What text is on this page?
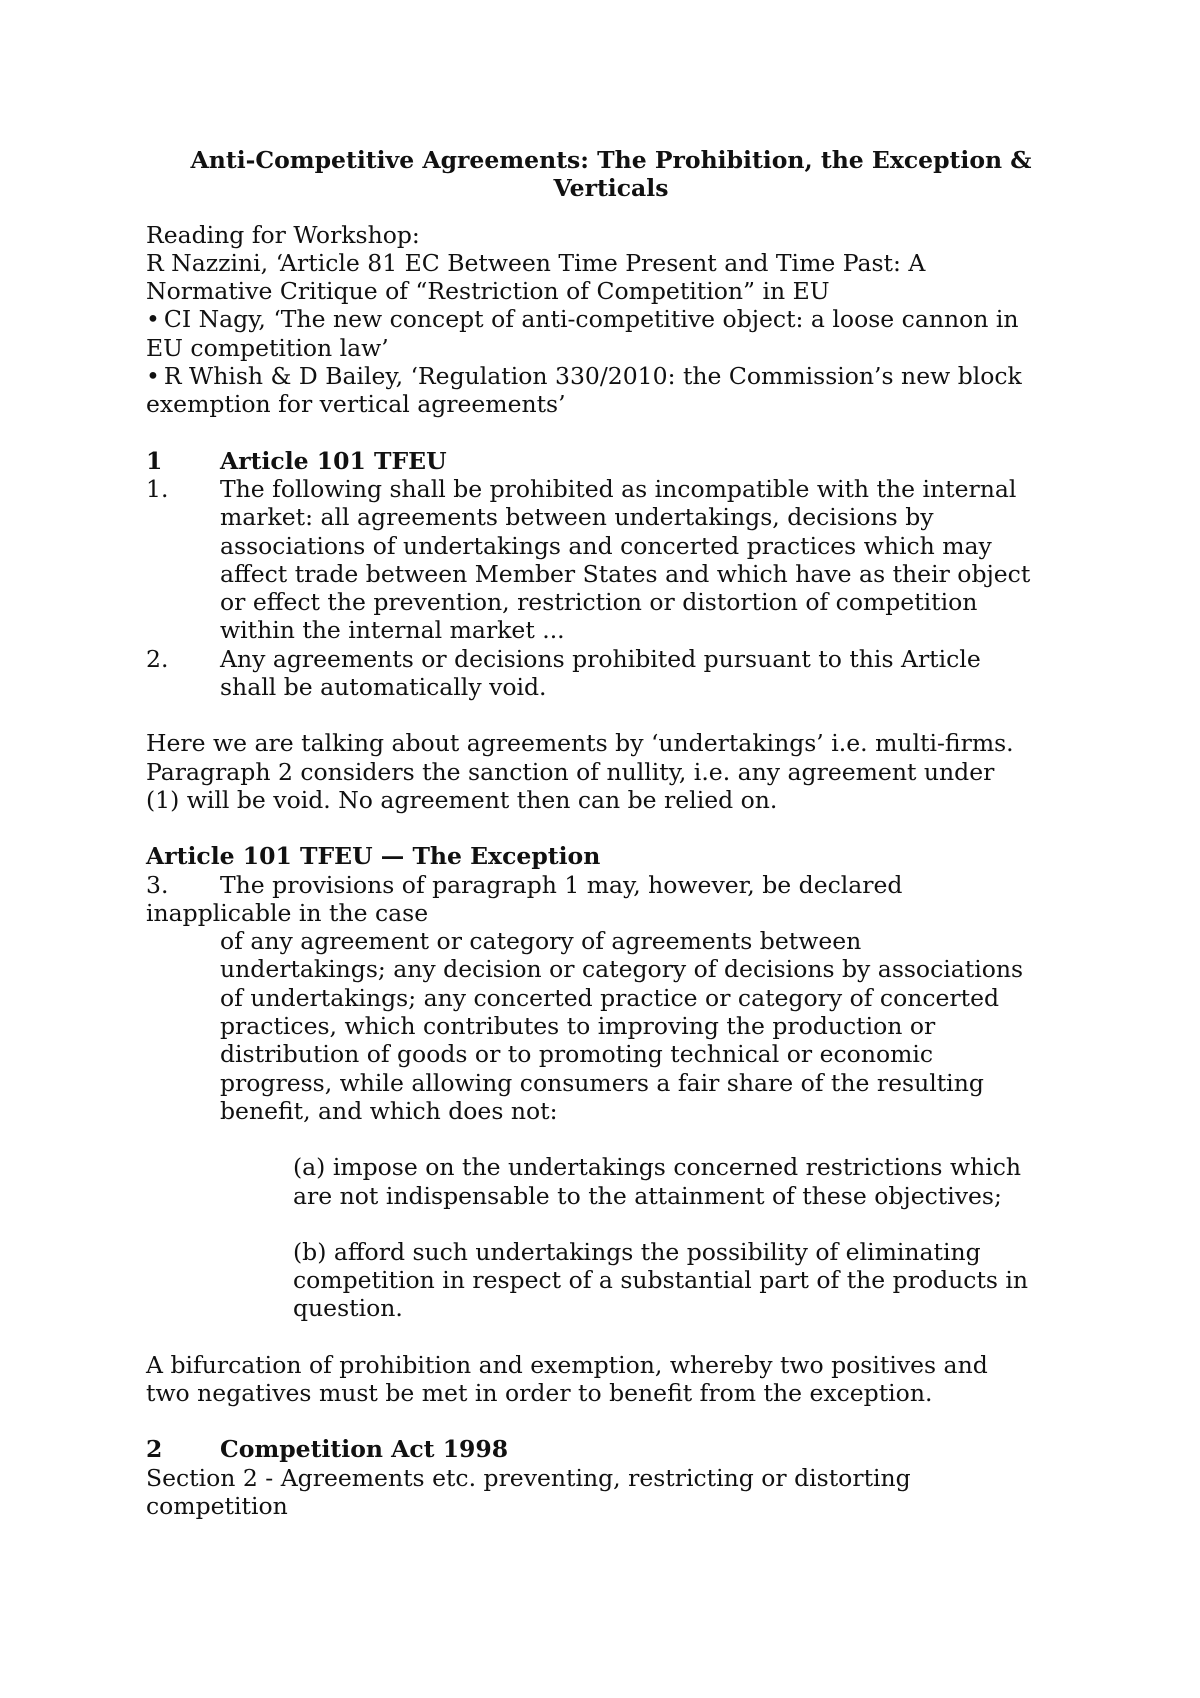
Anti-Competitive Agreements: The Prohibition, the Exception &
Verticals
Reading for Workshop:
R Nazzini, ‘Article 81 EC Between Time Present and Time Past: A
Normative Critique of “Restriction of Competition” in EU
• CI Nagy, ‘The new concept of anti-competitive object: a loose cannon in
EU competition law’
• R Whish & D Bailey, ‘Regulation 330/2010: the Commission’s new block
exemption for vertical agreements’
1	Article 101 TFEU
1.	The following shall be prohibited as incompatible with the internal
market: all agreements between undertakings, decisions by
associations of undertakings and concerted practices which may
affect trade between Member States and which have as their object
or effect the prevention, restriction or distortion of competition
within the internal market ...
2.	Any agreements or decisions prohibited pursuant to this Article
shall be automatically void.
Here we are talking about agreements by ‘undertakings’ i.e. multi-firms.
Paragraph 2 considers the sanction of nullity, i.e. any agreement under
(1) will be void. No agreement then can be relied on.
Article 101 TFEU — The Exception
3.	The provisions of paragraph 1 may, however, be declared
inapplicable in the case
of any agreement or category of agreements between
undertakings; any decision or category of decisions by associations
of undertakings; any concerted practice or category of concerted
practices, which contributes to improving the production or
distribution of goods or to promoting technical or economic
progress, while allowing consumers a fair share of the resulting
benefit, and which does not:
(a) impose on the undertakings concerned restrictions which
are not indispensable to the attainment of these objectives;
(b) afford such undertakings the possibility of eliminating
competition in respect of a substantial part of the products in
question.
A bifurcation of prohibition and exemption, whereby two positives and
two negatives must be met in order to benefit from the exception.
2	Competition Act 1998
Section 2 - Agreements etc. preventing, restricting or distorting
competition
